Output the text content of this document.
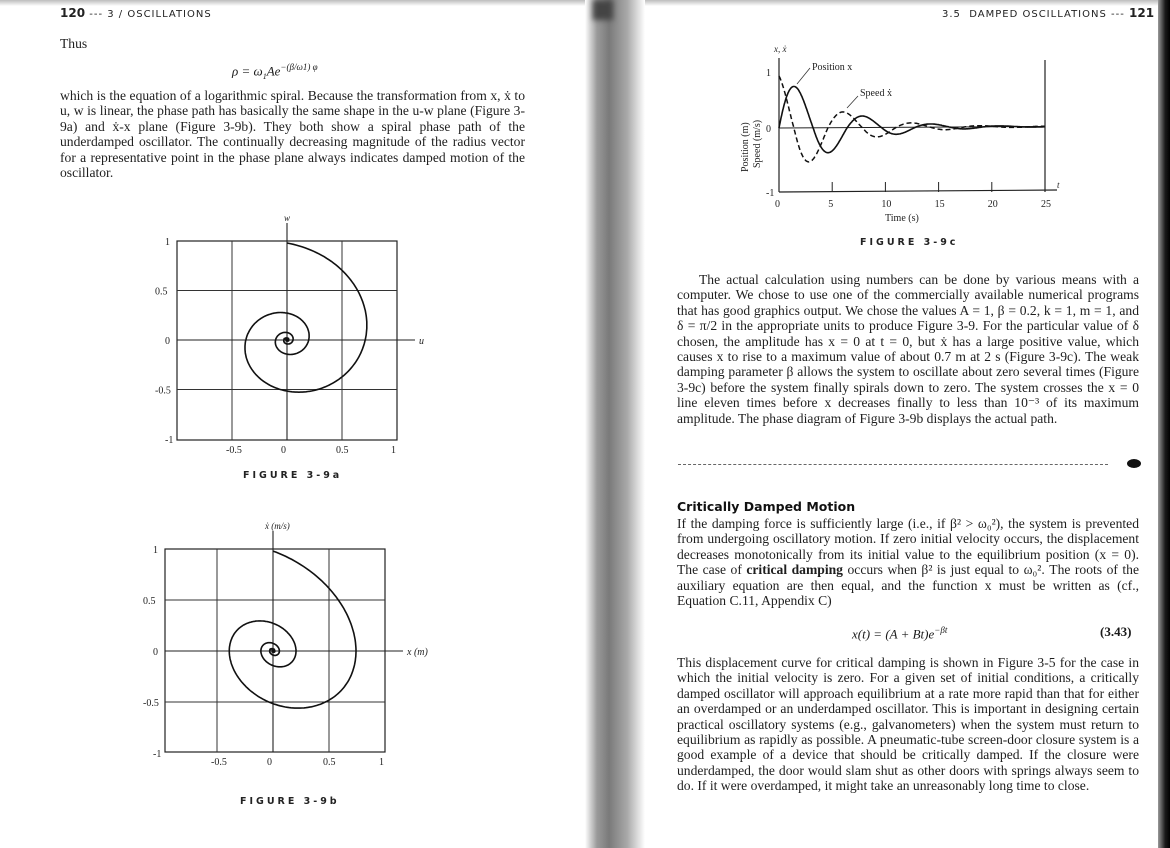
120 --- 3 / OSCILLATIONS
Thus
$\rho = \omega_1Ae^{-(\beta/\omega 1) \varphi}$
which is the equation of a logarithmic spiral. Because the transformation from x, ẋ to u, w is linear, the phase path has basically the same shape in the u-w plane (Figure 3-9a) and ẋ-x plane (Figure 3-9b). They both show a spiral phase path of the underdamped oscillator. The continually decreasing magnitude of the radius vector for a representative point in the phase plane always indicates damped motion of the oscillator.
-0.5	0	0.5	1
1
0.5
0
-0.5
-1
u
w
-0.5	0	0.5	1
1
0.5
0
-0.5
-1
x (m)
ẋ (m/s)
0	5	10	15	20	25
t
Time (s)
1
0
-1
x, ẋ
Position (m) Speed (m/s)
Position x
Speed ẋ
FIGURE 3-9a
FIGURE 3-9b
3.5  DAMPED OSCILLATIONS --- 121
FIGURE 3-9c
The actual calculation using numbers can be done by various means with a computer. We chose to use one of the commercially available numerical programs that has good graphics output. We chose the values A = 1, β = 0.2, k = 1, m = 1, and δ = π/2 in the appropriate units to produce Figure 3-9. For the particular value of δ chosen, the amplitude has x = 0 at t = 0, but ẋ has a large positive value, which causes x to rise to a maximum value of about 0.7 m at 2 s (Figure 3-9c). The weak damping parameter β allows the system to oscillate about zero several times (Figure 3-9c) before the system finally spirals down to zero. The system crosses the x = 0 line eleven times before x decreases finally to less than 10⁻³ of its maximum amplitude. The phase diagram of Figure 3-9b displays the actual path.
Critically Damped Motion
If the damping force is sufficiently large (i.e., if β² > ω₀²), the system is prevented from undergoing oscillatory motion. If zero initial velocity occurs, the displacement decreases monotonically from its initial value to the equilibrium position (x = 0). The case of critical damping occurs when β² is just equal to ω₀². The roots of the auxiliary equation are then equal, and the function x must be written as (cf., Equation C.11, Appendix C)
$x(t) = (A + Bt)e^{-\beta t}$	(3.43)
This displacement curve for critical damping is shown in Figure 3-5 for the case in which the initial velocity is zero. For a given set of initial conditions, a critically damped oscillator will approach equilibrium at a rate more rapid than that for either an overdamped or an underdamped oscillator. This is important in designing certain practical oscillatory systems (e.g., galvanometers) when the system must return to equilibrium as rapidly as possible. A pneumatic-tube screen-door closure system is a good example of a device that should be critically damped. If the closure were underdamped, the door would slam shut as other doors with springs always seem to do. If it were overdamped, it might take an unreasonably long time to close.
